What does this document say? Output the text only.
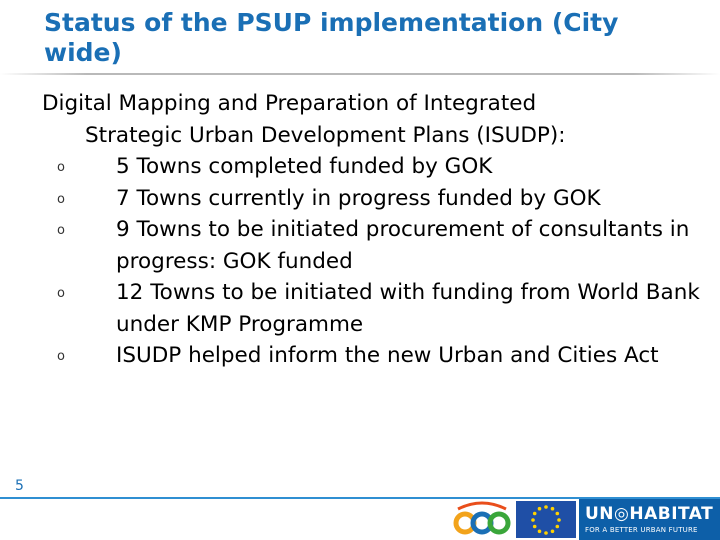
Status of the PSUP implementation (City wide)
Digital Mapping and Preparation of Integrated
Strategic Urban Development Plans (ISUDP):
o 5 Towns completed funded by GOK
o 7 Towns currently in progress funded by GOK
o 9 Towns to be initiated procurement of consultants in progress: GOK funded
o 12 Towns to be initiated with funding from World Bank under KMP Programme
o ISUDP helped inform the new Urban and Cities Act
5
UN◎HABITAT
FOR A BETTER URBAN FUTURE
